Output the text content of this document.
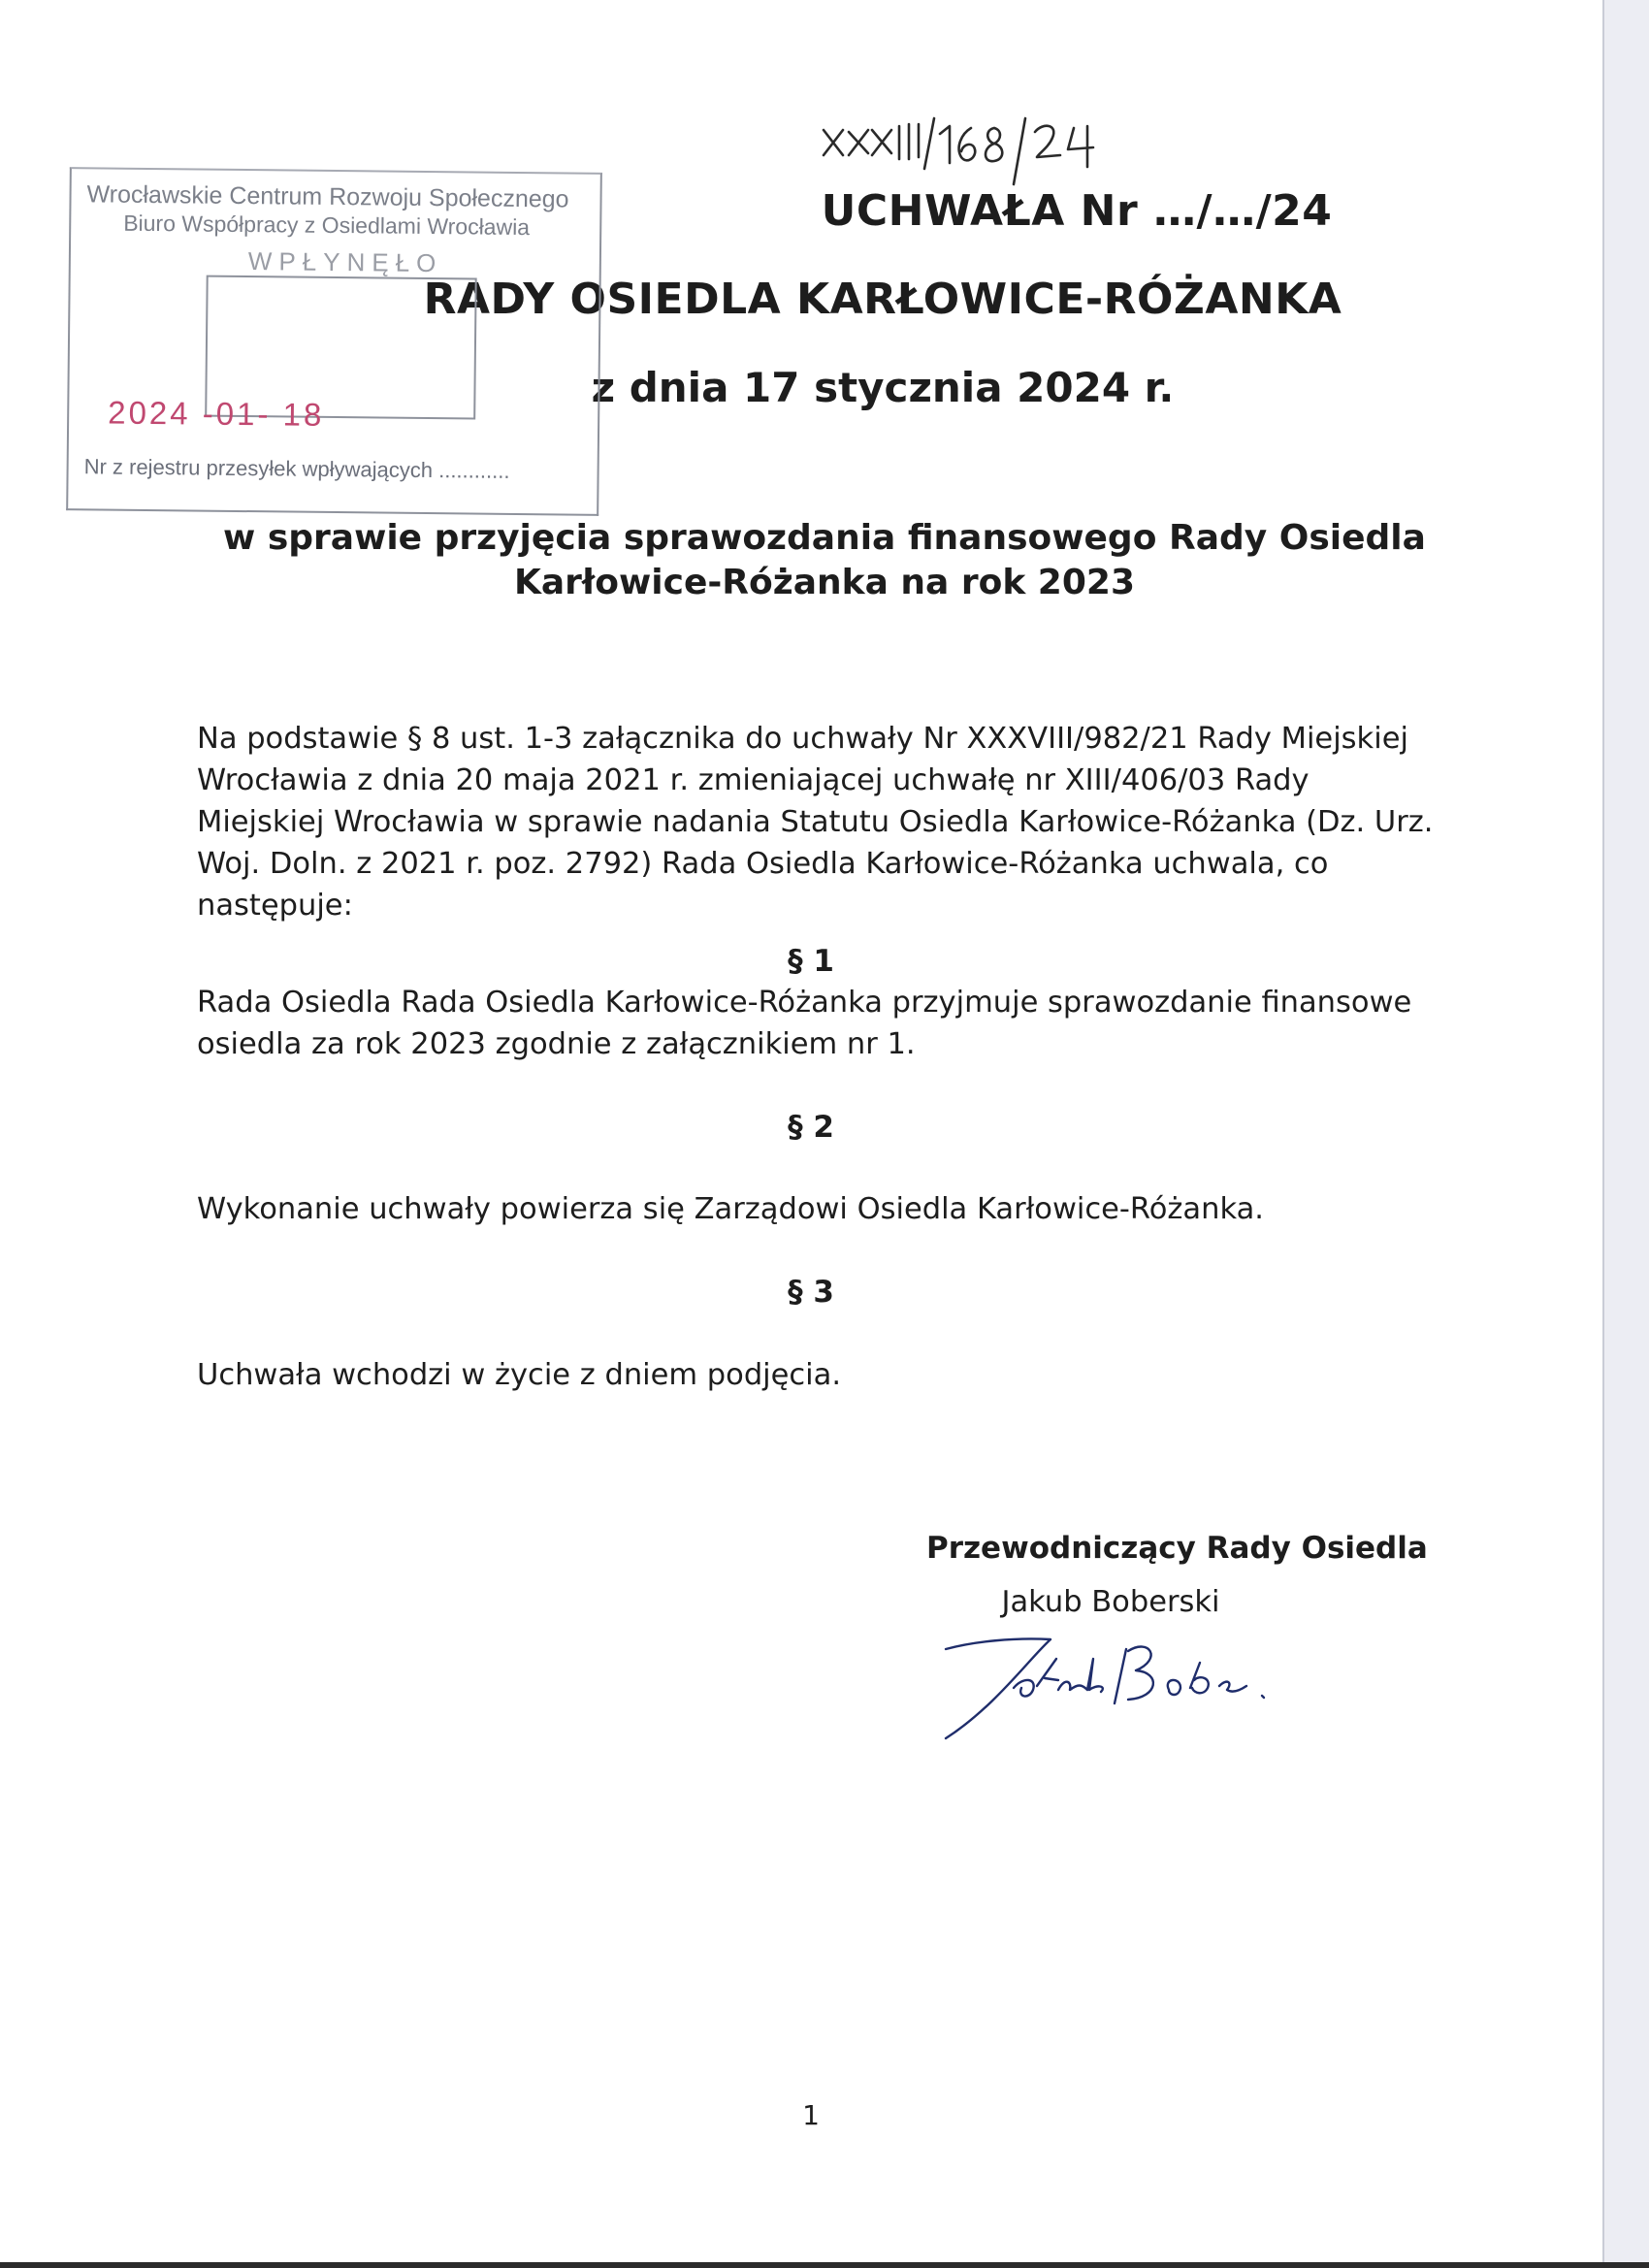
UCHWAŁA Nr …/…/24
RADY OSIEDLA KARŁOWICE-RÓŻANKA
z dnia 17 stycznia 2024 r.
Wrocławskie Centrum Rozwoju Społecznego
Biuro Współpracy z Osiedlami Wrocławia
WPŁYNĘŁO
2024 -01- 18
Nr z rejestru przesyłek wpływających ............
w sprawie przyjęcia sprawozdania finansowego Rady Osiedla
Karłowice-Różanka na rok 2023
Na podstawie § 8 ust. 1-3 załącznika do uchwały Nr XXXVIII/982/21 Rady Miejskiej Wrocławia z dnia 20 maja 2021 r. zmieniającej uchwałę nr XIII/406/03 Rady Miejskiej Wrocławia w sprawie nadania Statutu Osiedla Karłowice-Różanka (Dz. Urz. Woj. Doln. z 2021 r. poz. 2792) Rada Osiedla Karłowice-Różanka uchwala, co następuje:
§ 1
Rada Osiedla Rada Osiedla Karłowice-Różanka przyjmuje sprawozdanie finansowe osiedla za rok 2023 zgodnie z załącznikiem nr 1.
§ 2
Wykonanie uchwały powierza się Zarządowi Osiedla Karłowice-Różanka.
§ 3
Uchwała wchodzi w życie z dniem podjęcia.
Przewodniczący Rady Osiedla
Jakub Boberski
1
